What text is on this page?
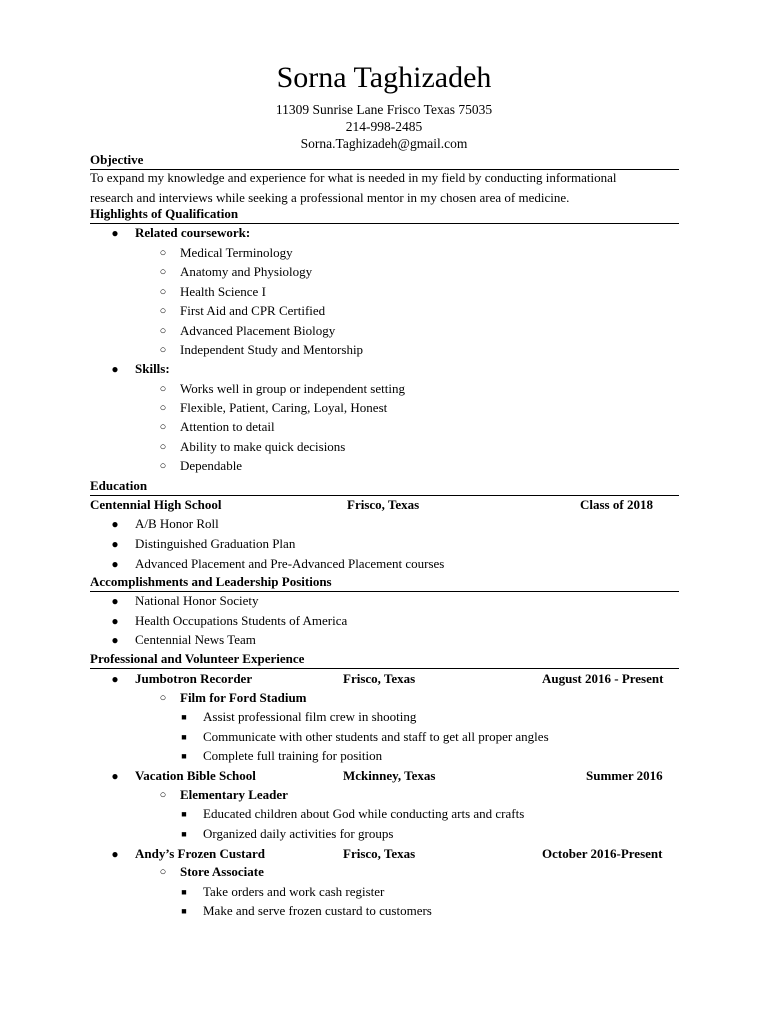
Sorna Taghizadeh
11309 Sunrise Lane Frisco Texas 75035
214-998-2485
Sorna.Taghizadeh@gmail.com
Objective
To expand my knowledge and experience for what is needed in my field by conducting informational
research and interviews while seeking a professional mentor in my chosen area of medicine.
Highlights of Qualification
● Related coursework:
○ Medical Terminology
○ Anatomy and Physiology
○ Health Science I
○ First Aid and CPR Certified
○ Advanced Placement Biology
○ Independent Study and Mentorship
● Skills:
○ Works well in group or independent setting
○ Flexible, Patient, Caring, Loyal, Honest
○ Attention to detail
○ Ability to make quick decisions
○ Dependable
Education
Centennial High School	Frisco, Texas	Class of 2018
● A/B Honor Roll
● Distinguished Graduation Plan
● Advanced Placement and Pre-Advanced Placement courses
Accomplishments and Leadership Positions
● National Honor Society
● Health Occupations Students of America
● Centennial News Team
Professional and Volunteer Experience
● Jumbotron Recorder	Frisco, Texas	August 2016 - Present
○ Film for Ford Stadium
■ Assist professional film crew in shooting
■ Communicate with other students and staff to get all proper angles
■ Complete full training for position
● Vacation Bible School	Mckinney, Texas	Summer 2016
○ Elementary Leader
■ Educated children about God while conducting arts and crafts
■ Organized daily activities for groups
● Andy’s Frozen Custard	Frisco, Texas	October 2016-Present
○ Store Associate
■ Take orders and work cash register
■ Make and serve frozen custard to customers
